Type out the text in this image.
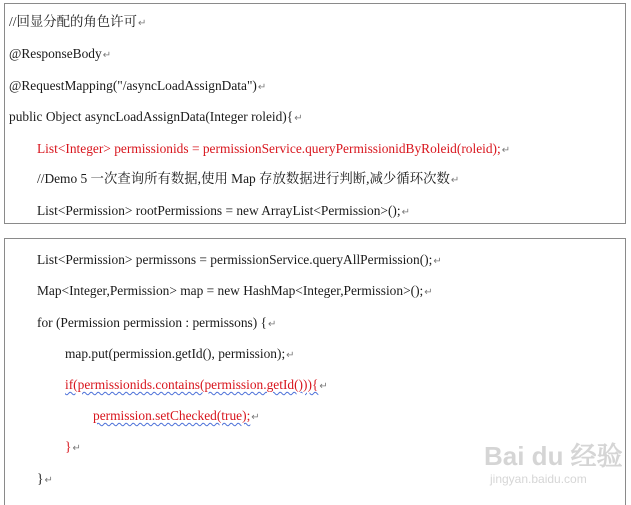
//回显分配的角色许可↵
@ResponseBody↵
@RequestMapping("/asyncLoadAssignData")↵
public Object asyncLoadAssignData(Integer roleid){↵
List<Integer> permissionids = permissionService.queryPermissionidByRoleid(roleid);↵
//Demo 5 一次查询所有数据,使用 Map 存放数据进行判断,减少循环次数↵
List<Permission> rootPermissions = new ArrayList<Permission>();↵
List<Permission> permissons = permissionService.queryAllPermission();↵
Map<Integer,Permission> map = new HashMap<Integer,Permission>();↵
for (Permission permission : permissons) {↵
map.put(permission.getId(), permission);↵
if(permissionids.contains(permission.getId())){↵
permission.setChecked(true);↵
}↵
}↵
Bai du 经验
jingyan.baidu.com
